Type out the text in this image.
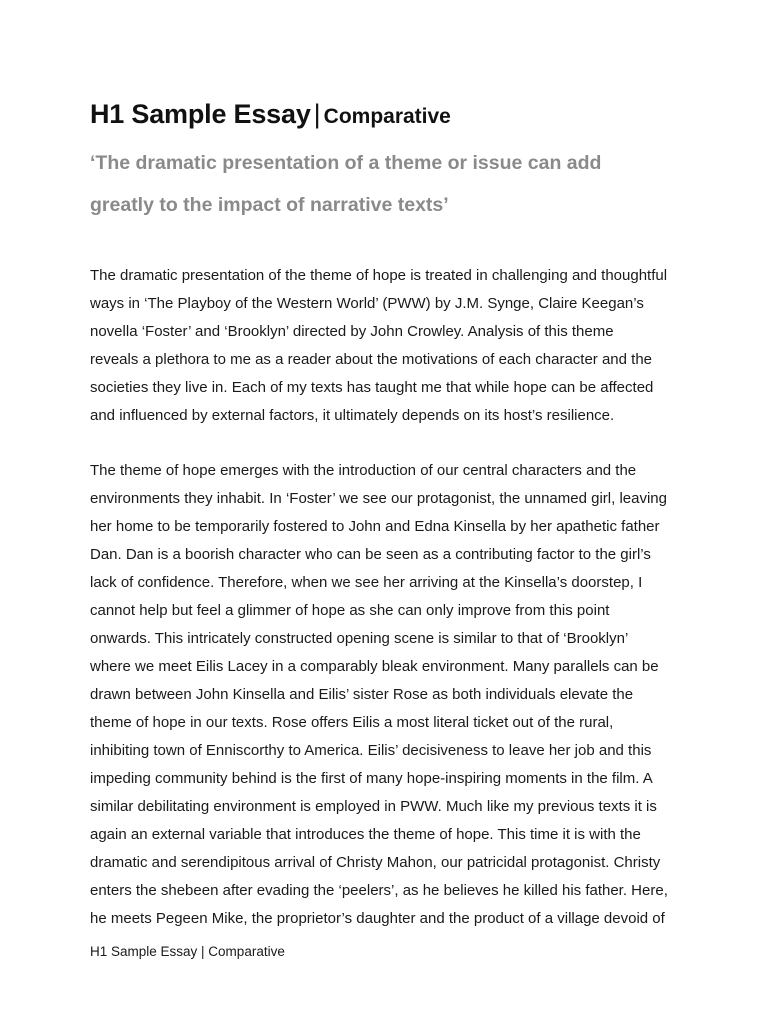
H1 Sample Essay | Comparative
‘The dramatic presentation of a theme or issue can add
greatly to the impact of narrative texts’

The dramatic presentation of the theme of hope is treated in challenging and thoughtful
ways in ‘The Playboy of the Western World’ (PWW) by J.M. Synge, Claire Keegan’s
novella ‘Foster’ and ‘Brooklyn’ directed by John Crowley. Analysis of this theme
reveals a plethora to me as a reader about the motivations of each character and the
societies they live in. Each of my texts has taught me that while hope can be affected
and influenced by external factors, it ultimately depends on its host’s resilience.

The theme of hope emerges with the introduction of our central characters and the
environments they inhabit. In ‘Foster’ we see our protagonist, the unnamed girl, leaving
her home to be temporarily fostered to John and Edna Kinsella by her apathetic father
Dan. Dan is a boorish character who can be seen as a contributing factor to the girl’s
lack of confidence. Therefore, when we see her arriving at the Kinsella’s doorstep, I
cannot help but feel a glimmer of hope as she can only improve from this point
onwards. This intricately constructed opening scene is similar to that of ‘Brooklyn’
where we meet Eilis Lacey in a comparably bleak environment. Many parallels can be
drawn between John Kinsella and Eilis’ sister Rose as both individuals elevate the
theme of hope in our texts. Rose offers Eilis a most literal ticket out of the rural,
inhibiting town of Enniscorthy to America. Eilis’ decisiveness to leave her job and this
impeding community behind is the first of many hope-inspiring moments in the film. A
similar debilitating environment is employed in PWW. Much like my previous texts it is
again an external variable that introduces the theme of hope. This time it is with the
dramatic and serendipitous arrival of Christy Mahon, our patricidal protagonist. Christy
enters the shebeen after evading the ‘peelers’, as he believes he killed his father. Here,
he meets Pegeen Mike, the proprietor’s daughter and the product of a village devoid of

H1 Sample Essay | Comparative
